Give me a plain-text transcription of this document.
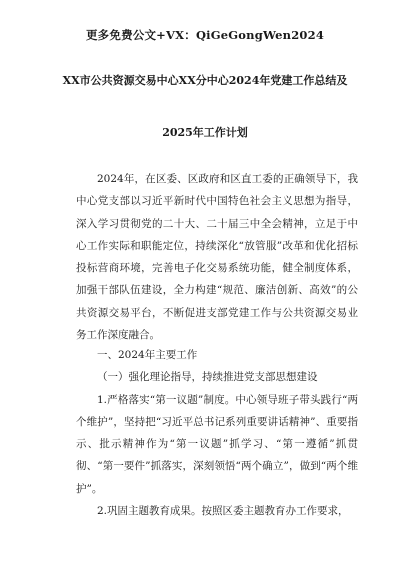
更多免费公文+VX：QiGeGongWen2024
XX市公共资源交易中心XX分中心2024年党建工作总结及
2025年工作计划

2024年，在区委、区政府和区直工委的正确领导下，我中心党支部以习近平新时代中国特色社会主义思想为指导，深入学习贯彻党的二十大、二十届三中全会精神，立足于中心工作实际和职能定位，持续深化“放管服”改革和优化招标投标营商环境，完善电子化交易系统功能，健全制度体系，加强干部队伍建设，全力构建“规范、廉洁创新、高效”的公共资源交易平台，不断促进支部党建工作与公共资源交易业务工作深度融合。

一、2024年主要工作

（一）强化理论指导，持续推进党支部思想建设

1.严格落实“第一议题”制度。中心领导班子带头践行“两个维护”，坚持把“习近平总书记系列重要讲话精神”、重要指示、批示精神作为“第一议题”抓学习、“第一遵循”抓贯彻、“第一要件”抓落实，深刻领悟“两个确立”，做到“两个维护”。

2.巩固主题教育成果。按照区委主题教育办工作要求，
